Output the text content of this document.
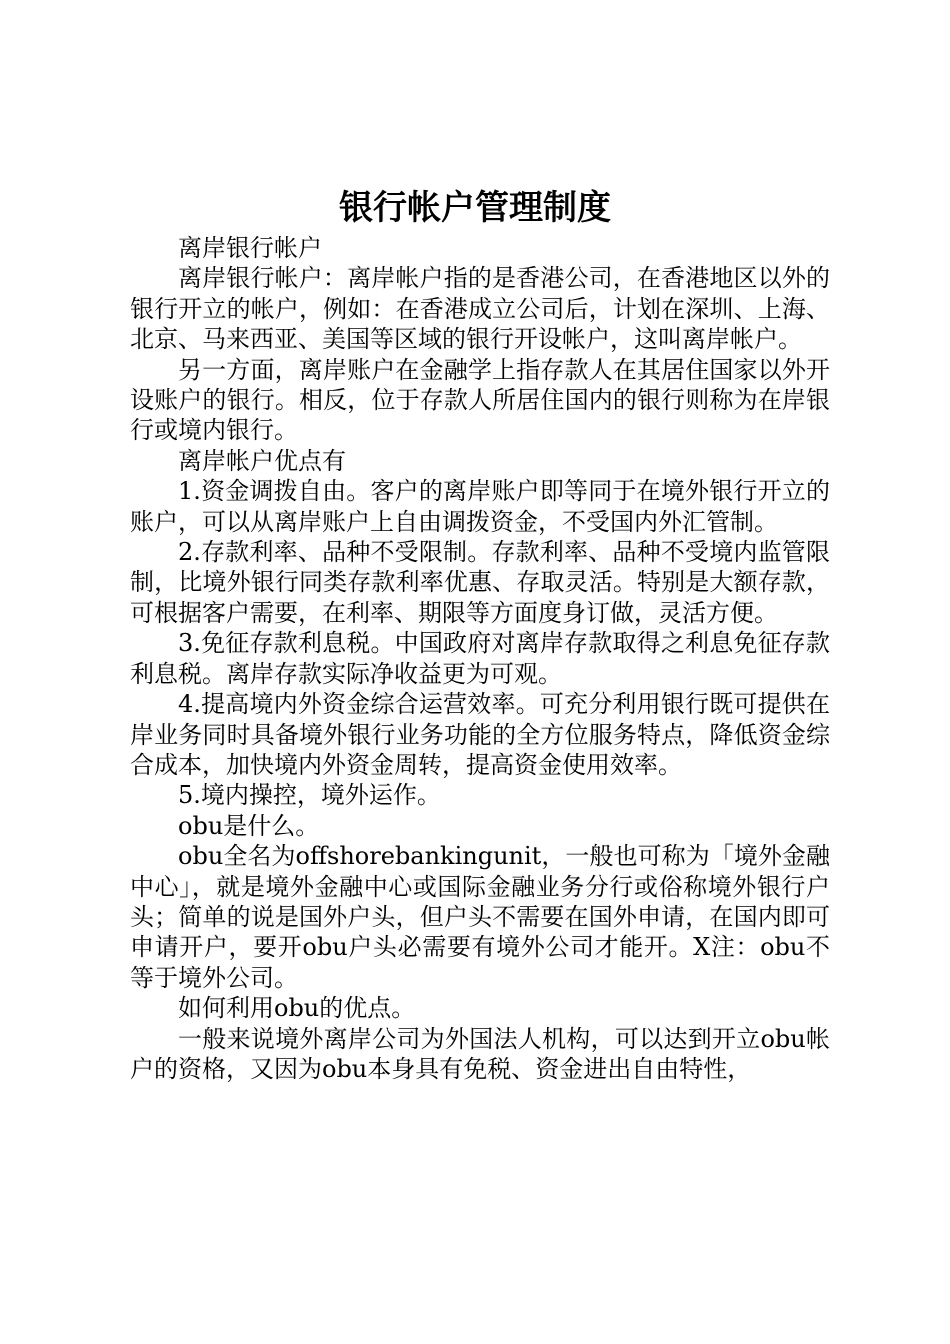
银行帐户管理制度

离岸银行帐户

离岸银行帐户：离岸帐户指的是香港公司，在香港地区以外的银行开立的帐户，例如：在香港成立公司后，计划在深圳、上海、北京、马来西亚、美国等区域的银行开设帐户，这叫离岸帐户。

另一方面，离岸账户在金融学上指存款人在其居住国家以外开设账户的银行。相反，位于存款人所居住国内的银行则称为在岸银行或境内银行。

离岸帐户优点有

1.资金调拨自由。客户的离岸账户即等同于在境外银行开立的账户，可以从离岸账户上自由调拨资金，不受国内外汇管制。

2.存款利率、品种不受限制。存款利率、品种不受境内监管限制，比境外银行同类存款利率优惠、存取灵活。特别是大额存款，可根据客户需要，在利率、期限等方面度身订做，灵活方便。

3.免征存款利息税。中国政府对离岸存款取得之利息免征存款利息税。离岸存款实际净收益更为可观。

4.提高境内外资金综合运营效率。可充分利用银行既可提供在岸业务同时具备境外银行业务功能的全方位服务特点，降低资金综合成本，加快境内外资金周转，提高资金使用效率。

5.境内操控，境外运作。

obu是什么。

obu全名为offshorebankingunit，一般也可称为「境外金融中心」，就是境外金融中心或国际金融业务分行或俗称境外银行户头；简单的说是国外户头，但户头不需要在国外申请，在国内即可申请开户，要开obu户头必需要有境外公司才能开。X注：obu不等于境外公司。

如何利用obu的优点。

一般来说境外离岸公司为外国法人机构，可以达到开立obu帐户的资格，又因为obu本身具有免税、资金进出自由特性，
